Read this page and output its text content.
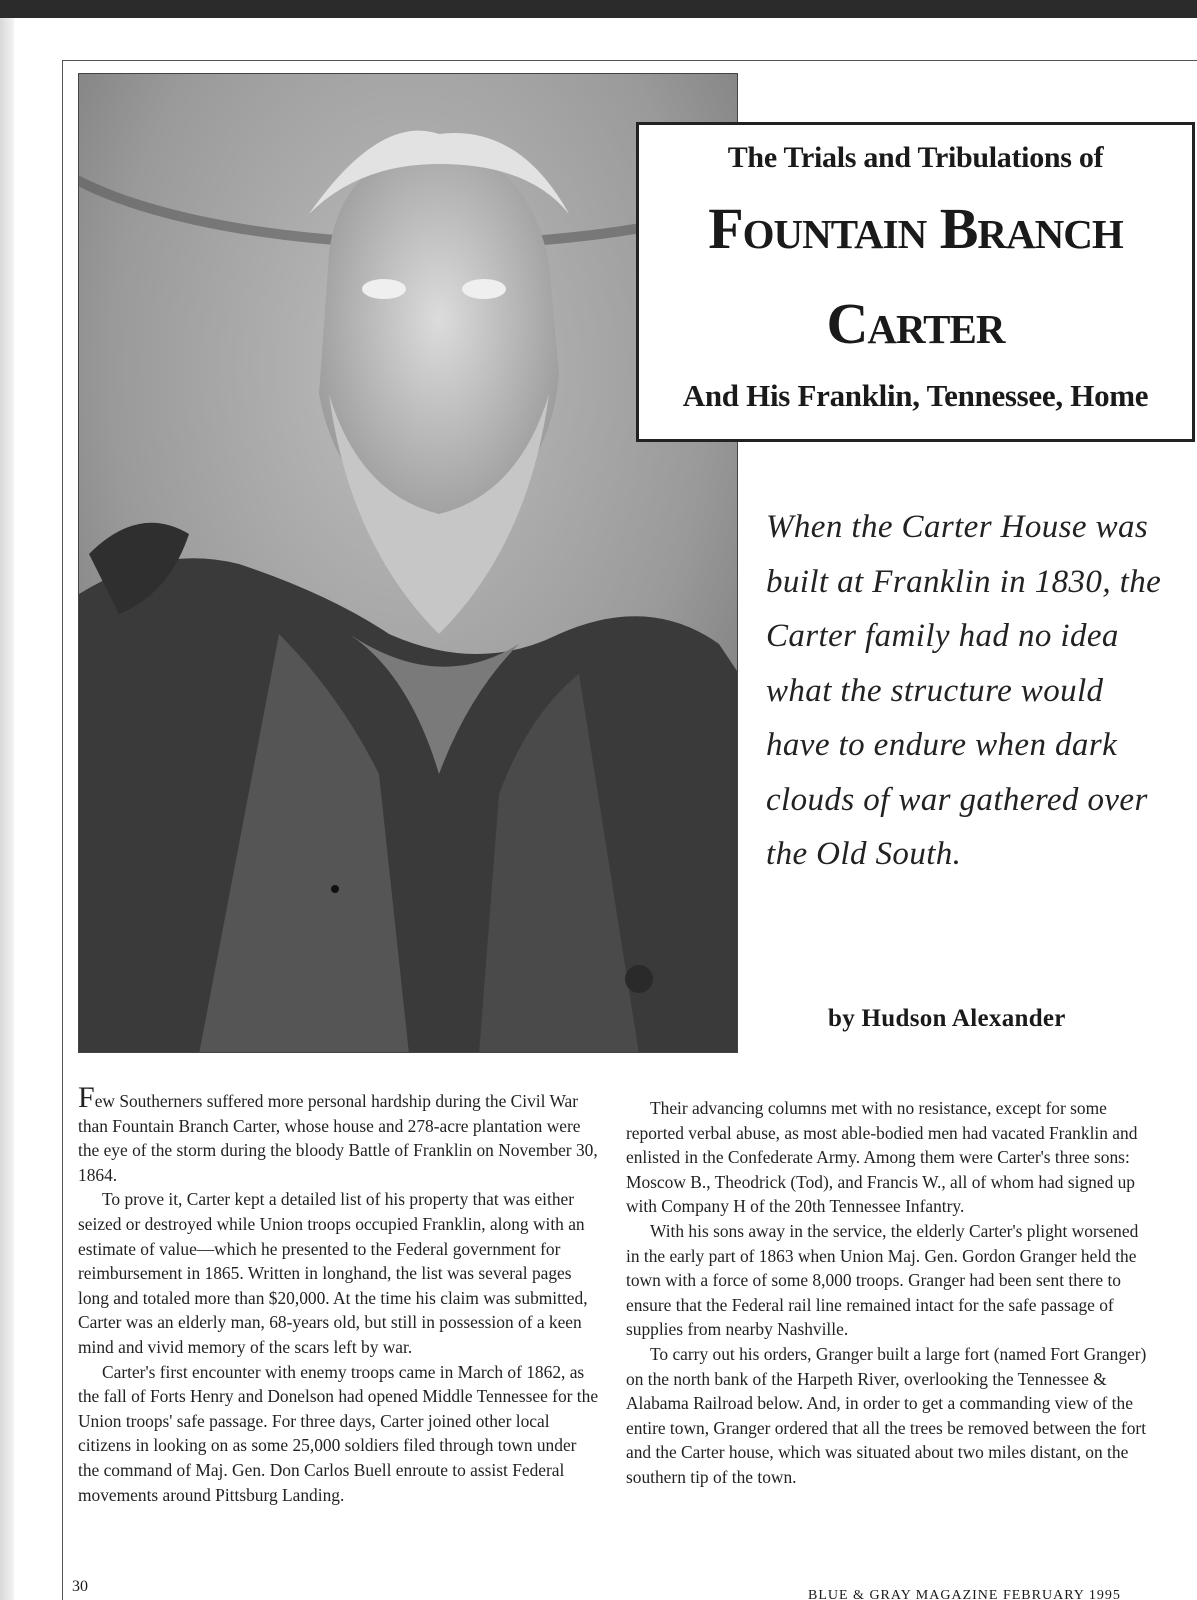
The Trials and Tribulations of
Fountain Branch
Carter
And His Franklin, Tennessee, Home
When the Carter House was built at Franklin in 1830, the Carter family had no idea what the structure would have to endure when dark clouds of war gathered over the Old South.
by Hudson Alexander

Few Southerners suffered more personal hardship during the Civil War than Fountain Branch Carter, whose house and 278-acre plantation were the eye of the storm during the bloody Battle of Franklin on November 30, 1864.

To prove it, Carter kept a detailed list of his property that was either seized or destroyed while Union troops occupied Franklin, along with an estimate of value—which he presented to the Federal government for reimbursement in 1865. Written in longhand, the list was several pages long and totaled more than $20,000. At the time his claim was submitted, Carter was an elderly man, 68-years old, but still in possession of a keen mind and vivid memory of the scars left by war.

Carter's first encounter with enemy troops came in March of 1862, as the fall of Forts Henry and Donelson had opened Middle Tennessee for the Union troops' safe passage. For three days, Carter joined other local citizens in looking on as some 25,000 soldiers filed through town under the command of Maj. Gen. Don Carlos Buell enroute to assist Federal movements around Pittsburg Landing.

Their advancing columns met with no resistance, except for some reported verbal abuse, as most able-bodied men had vacated Franklin and enlisted in the Confederate Army. Among them were Carter's three sons: Moscow B., Theodrick (Tod), and Francis W., all of whom had signed up with Company H of the 20th Tennessee Infantry.

With his sons away in the service, the elderly Carter's plight worsened in the early part of 1863 when Union Maj. Gen. Gordon Granger held the town with a force of some 8,000 troops. Granger had been sent there to ensure that the Federal rail line remained intact for the safe passage of supplies from nearby Nashville.

To carry out his orders, Granger built a large fort (named Fort Granger) on the north bank of the Harpeth River, overlooking the Tennessee & Alabama Railroad below. And, in order to get a commanding view of the entire town, Granger ordered that all the trees be removed between the fort and the Carter house, which was situated about two miles distant, on the southern tip of the town.

30
BLUE & GRAY MAGAZINE FEBRUARY 1995
